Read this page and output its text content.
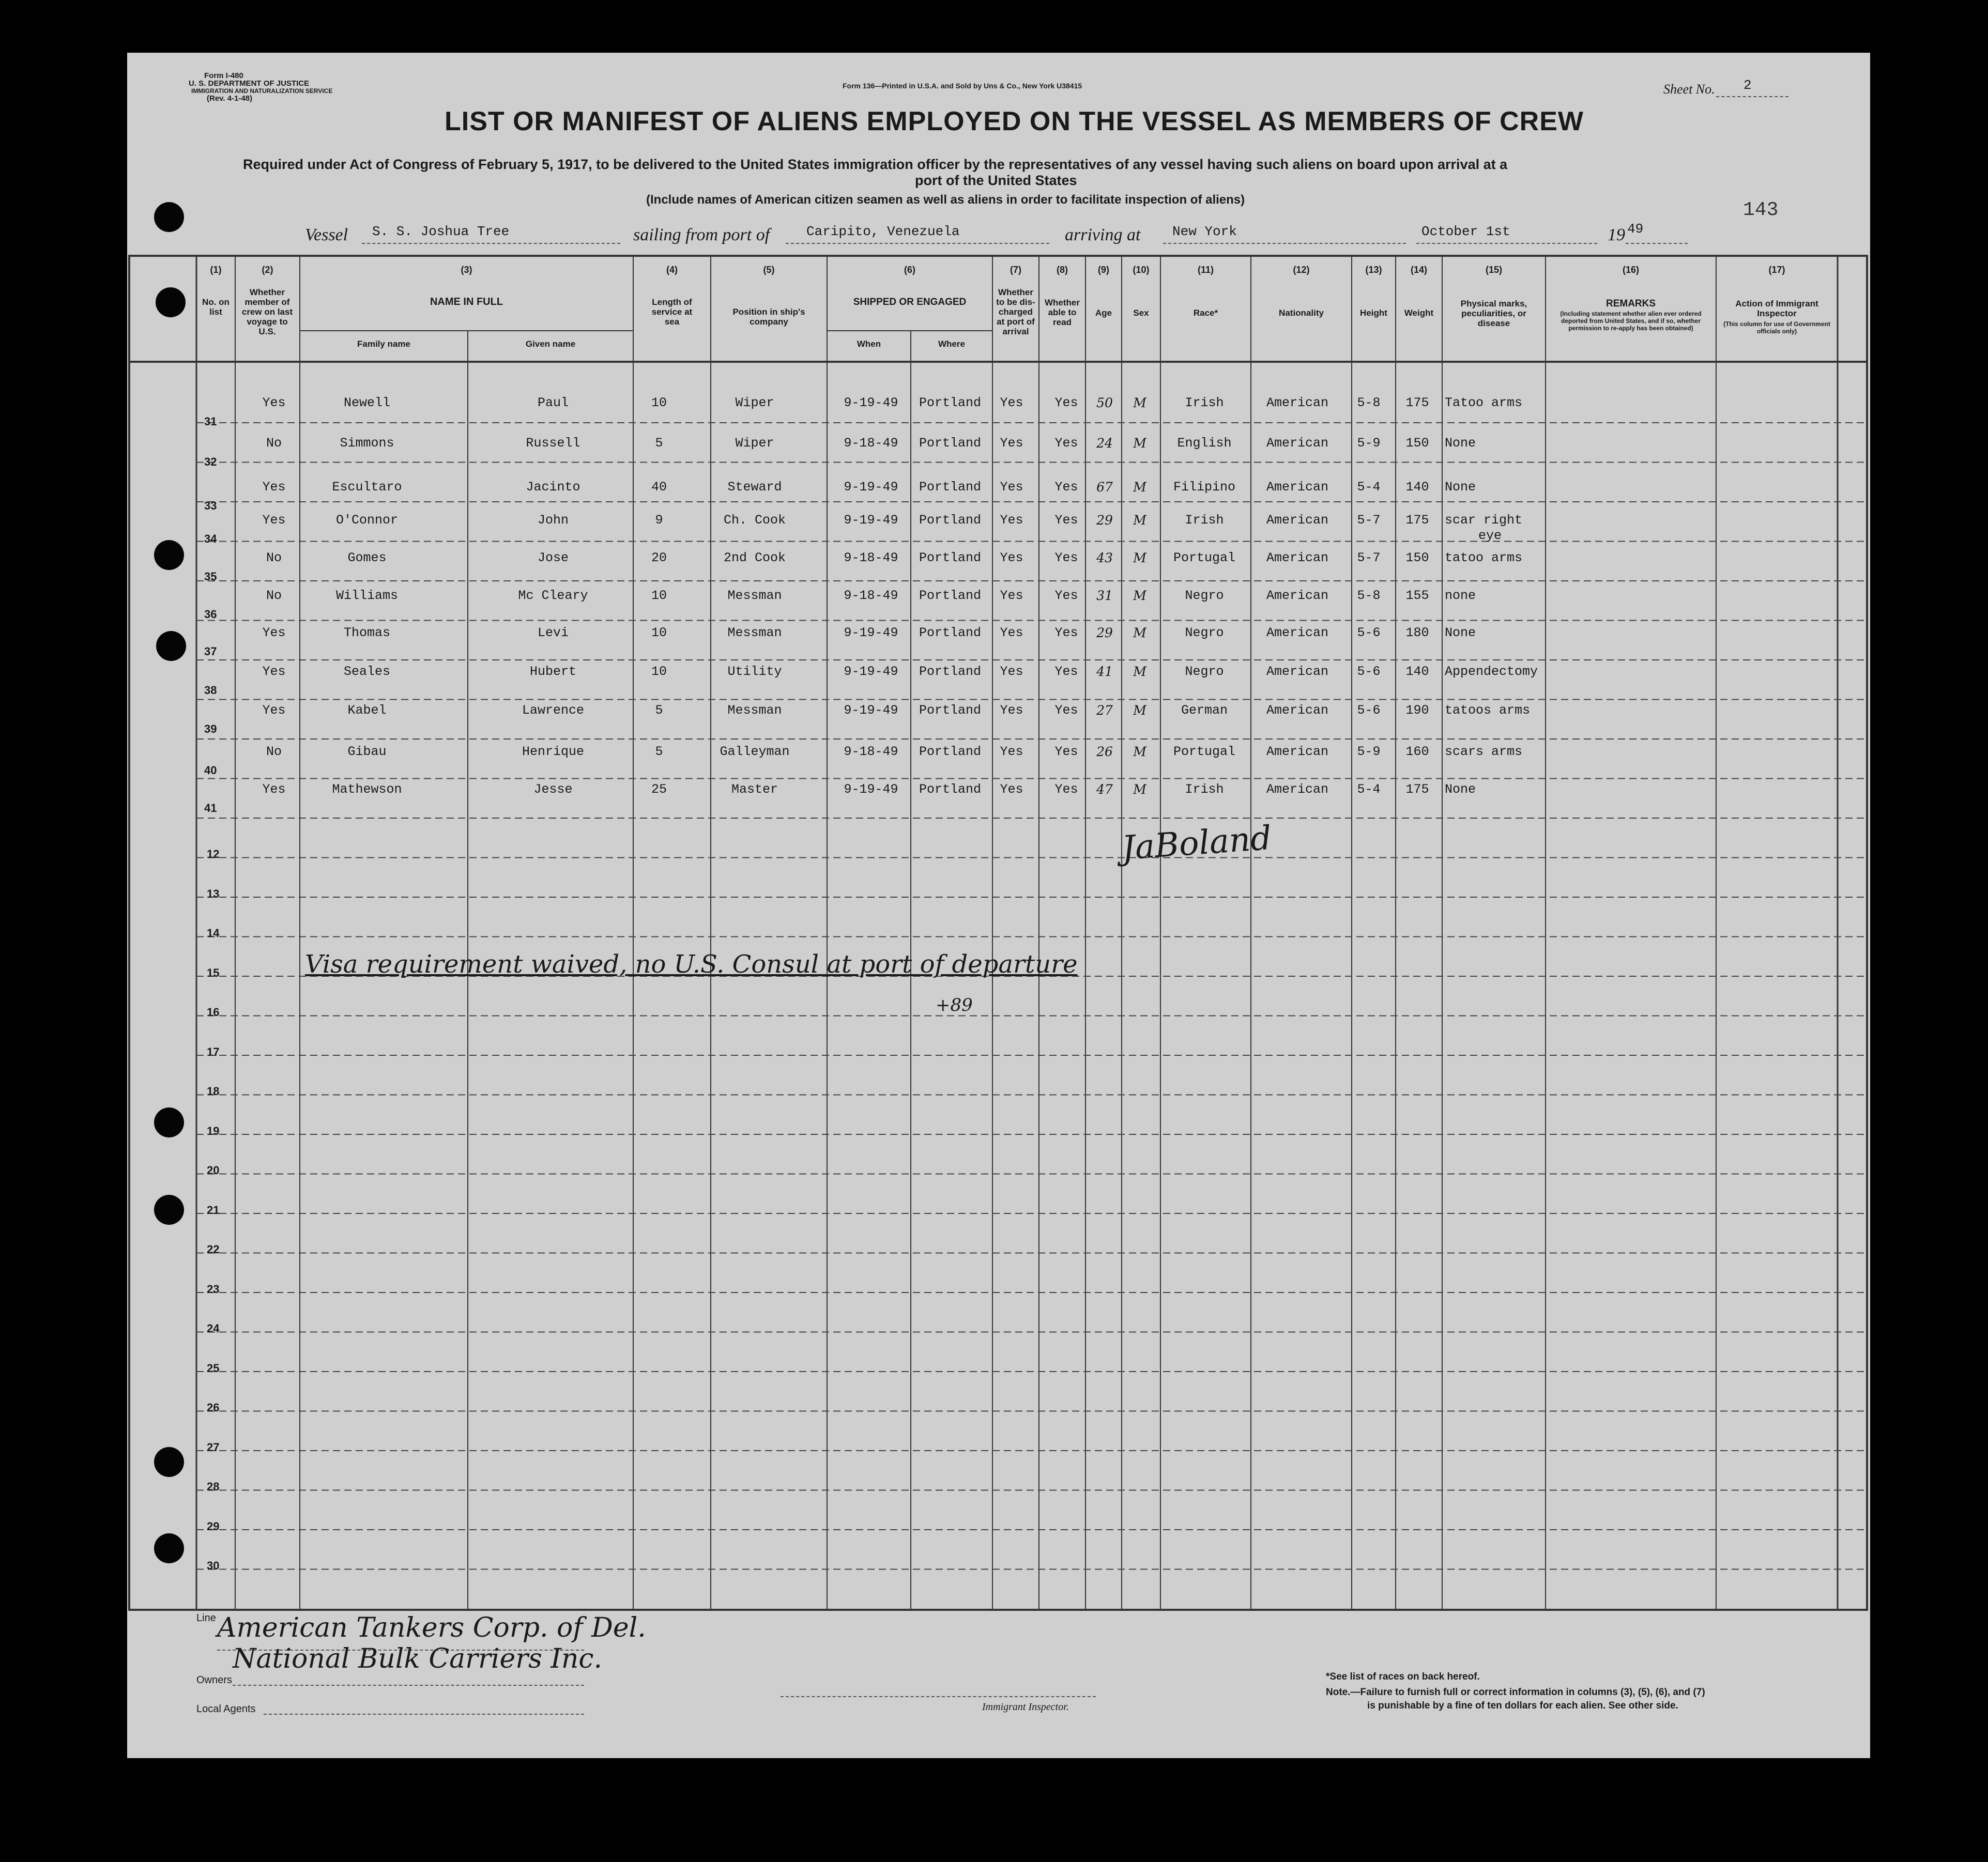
Form I-480
U. S. DEPARTMENT OF JUSTICE
IMMIGRATION AND NATURALIZATION SERVICE
(Rev. 4-1-48)
Form 136—Printed in U.S.A. and Sold by Uns & Co., New York U38415	Sheet No. 2
143
LIST OR MANIFEST OF ALIENS EMPLOYED ON THE VESSEL AS MEMBERS OF CREW
Required under Act of Congress of February 5, 1917, to be delivered to the United States immigration officer by the representatives of any vessel having such aliens on board upon arrival at a
port of the United States
(Include names of American citizen seamen as well as aliens in order to facilitate inspection of aliens)
Vessel S. S. Joshua Tree	sailing from port of	Caripito, Venezuela	arriving at New York	October 1st	19 49
(1)
No. on list
(2)
Whether member of crew on last voyage to U.S.
(3)
NAME IN FULL
Family name	Given name
(4)
Length of service at sea
(5)
Position in ship's company
(6)
SHIPPED OR ENGAGED
When	Where
(7)
Whether to be dis-charged at port of arrival
(8)
Whether able to read
(9)
Age
(10)
Sex
(11)
Race*
(12)
Nationality
(13)
Height
(14)
Weight
(15)
Physical marks, peculiarities, or disease
(16)
REMARKS
(Including statement whether alien ever ordered deported from United States, and if so, whether permission to re-apply has been obtained)
(17)
Action of Immigrant Inspector
(This column for use of Government officials only)
31
Yes	Newell	Paul	10	Wiper	9-19-49	Portland	Yes	Yes	50	M	Irish	American	5-8	175	Tatoo arms
32
No	Simmons	Russell	5	Wiper	9-18-49	Portland	Yes	Yes	24	M	English	American	5-9	150	None
33
Yes	Escultaro	Jacinto	40	Steward	9-19-49	Portland	Yes	Yes	67	M	Filipino	American	5-4	140	None
34
Yes	O'Connor	John	9	Ch. Cook	9-19-49	Portland	Yes	Yes	29	M	Irish	American	5-7	175	scar right
eye
35
No	Gomes	Jose	20	2nd Cook	9-18-49	Portland	Yes	Yes	43	M	Portugal	American	5-7	150	tatoo arms
36
No	Williams	Mc Cleary	10	Messman	9-18-49	Portland	Yes	Yes	31	M	Negro	American	5-8	155	none
37
Yes	Thomas	Levi	10	Messman	9-19-49	Portland	Yes	Yes	29	M	Negro	American	5-6	180	None
38
Yes	Seales	Hubert	10	Utility	9-19-49	Portland	Yes	Yes	41	M	Negro	American	5-6	140	Appendectomy
39
Yes	Kabel	Lawrence	5	Messman	9-19-49	Portland	Yes	Yes	27	M	German	American	5-6	190	tatoos arms
40
No	Gibau	Henrique	5	Galleyman	9-18-49	Portland	Yes	Yes	26	M	Portugal	American	5-9	160	scars arms
41
Yes	Mathewson	Jesse	25	Master	9-19-49	Portland	Yes	Yes	47	M	Irish	American	5-4	175	None
12
13
14
15
16
17
18
19
20
21
22
23
24
25
26
27
28
29
30
JaBoland
Visa requirement waived, no U.S. Consul at port of departure
+89
Line American Tankers Corp. of Del.
Owners
National Bulk Carriers Inc.
Local Agents	Immigrant Inspector.
*See list of races on back hereof.
Note.—Failure to furnish full or correct information in columns (3), (5), (6), and (7)
is punishable by a fine of ten dollars for each alien. See other side.
